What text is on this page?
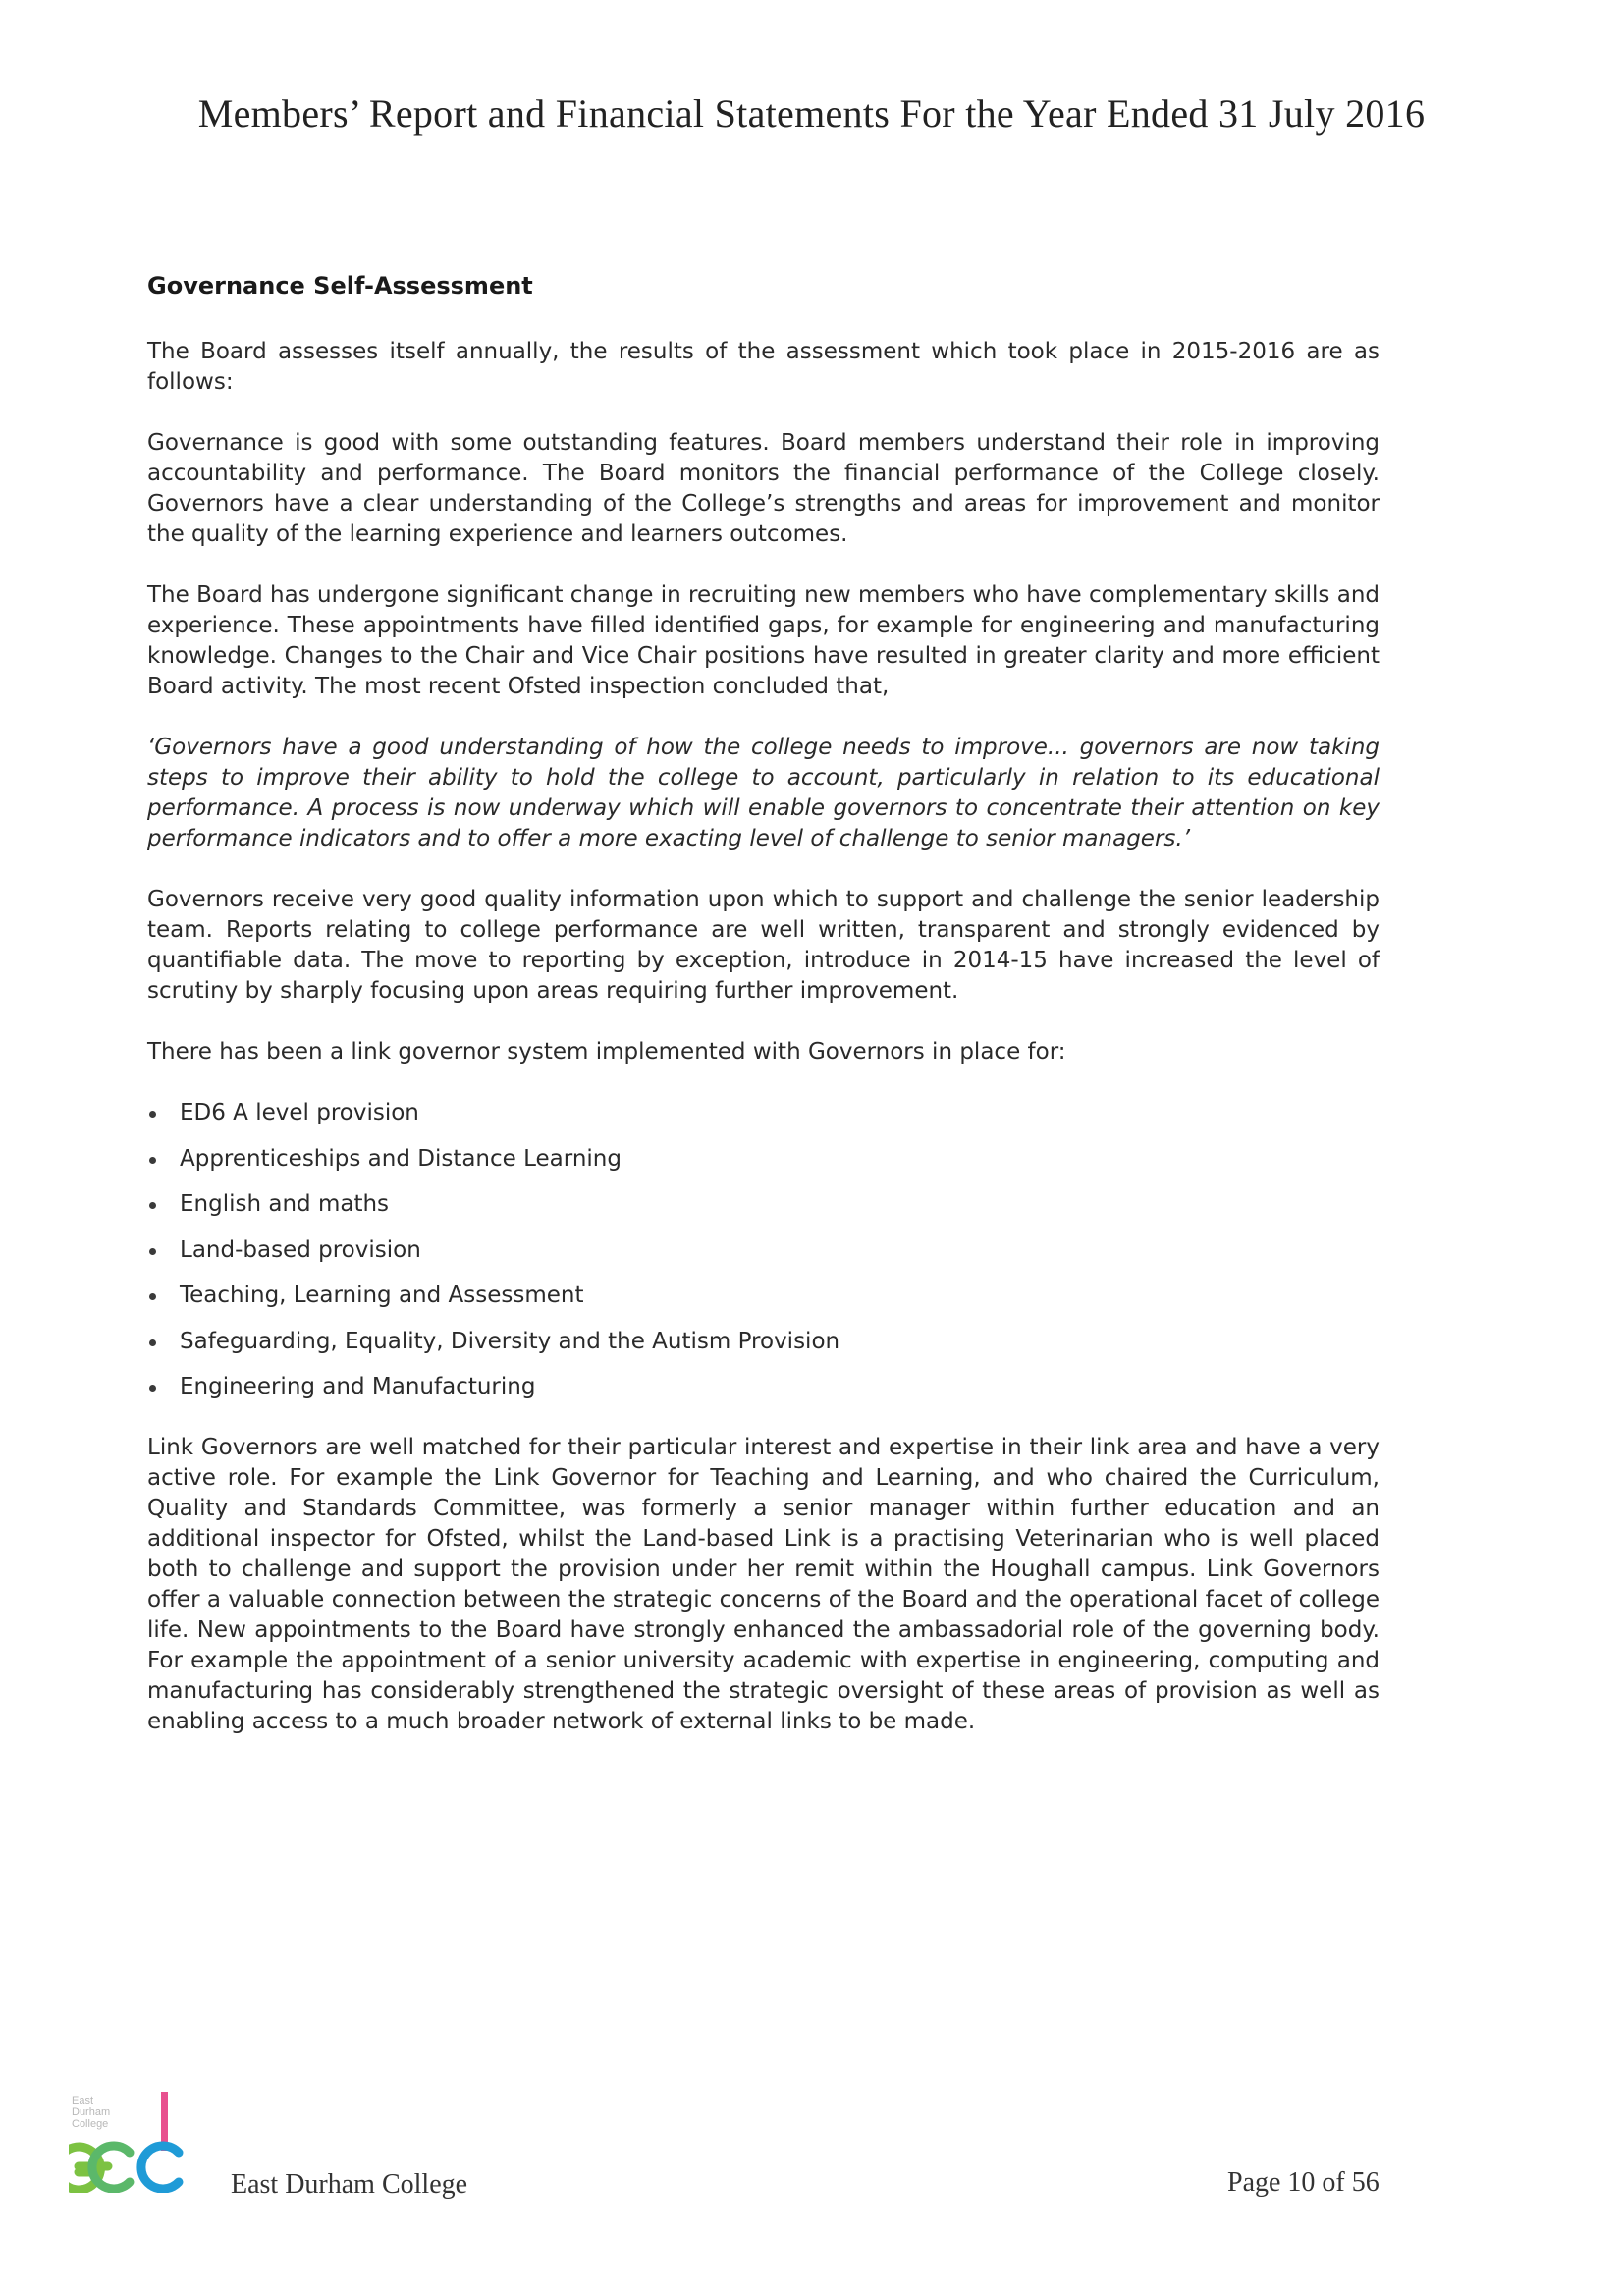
Members’ Report and Financial Statements For the Year Ended 31 July 2016
Governance Self-Assessment

The Board assesses itself annually, the results of the assessment which took place in 2015-2016 are as follows:

Governance is good with some outstanding features. Board members understand their role in improving accountability and performance. The Board monitors the financial performance of the College closely. Governors have a clear understanding of the College’s strengths and areas for improvement and monitor the quality of the learning experience and learners outcomes.

The Board has undergone significant change in recruiting new members who have complementary skills and experience. These appointments have filled identified gaps, for example for engineering and manufacturing knowledge. Changes to the Chair and Vice Chair positions have resulted in greater clarity and more efficient Board activity. The most recent Ofsted inspection concluded that,

‘Governors have a good understanding of how the college needs to improve... governors are now taking steps to improve their ability to hold the college to account, particularly in relation to its educational performance. A process is now underway which will enable governors to concentrate their attention on key performance indicators and to offer a more exacting level of challenge to senior managers.’

Governors receive very good quality information upon which to support and challenge the senior leadership team. Reports relating to college performance are well written, transparent and strongly evidenced by quantifiable data. The move to reporting by exception, introduce in 2014-15 have increased the level of scrutiny by sharply focusing upon areas requiring further improvement.

There has been a link governor system implemented with Governors in place for:

ED6 A level provision
Apprenticeships and Distance Learning
English and maths
Land-based provision
Teaching, Learning and Assessment
Safeguarding, Equality, Diversity and the Autism Provision
Engineering and Manufacturing

Link Governors are well matched for their particular interest and expertise in their link area and have a very active role. For example the Link Governor for Teaching and Learning, and who chaired the Curriculum, Quality and Standards Committee, was formerly a senior manager within further education and an additional inspector for Ofsted, whilst the Land-based Link is a practising Veterinarian who is well placed both to challenge and support the provision under her remit within the Houghall campus. Link Governors offer a valuable connection between the strategic concerns of the Board and the operational facet of college life. New appointments to the Board have strongly enhanced the ambassadorial role of the governing body. For example the appointment of a senior university academic with expertise in engineering, computing and manufacturing has considerably strengthened the strategic oversight of these areas of provision as well as enabling access to a much broader network of external links to be made.

East
Durham
College
East Durham College	Page 10 of 56
